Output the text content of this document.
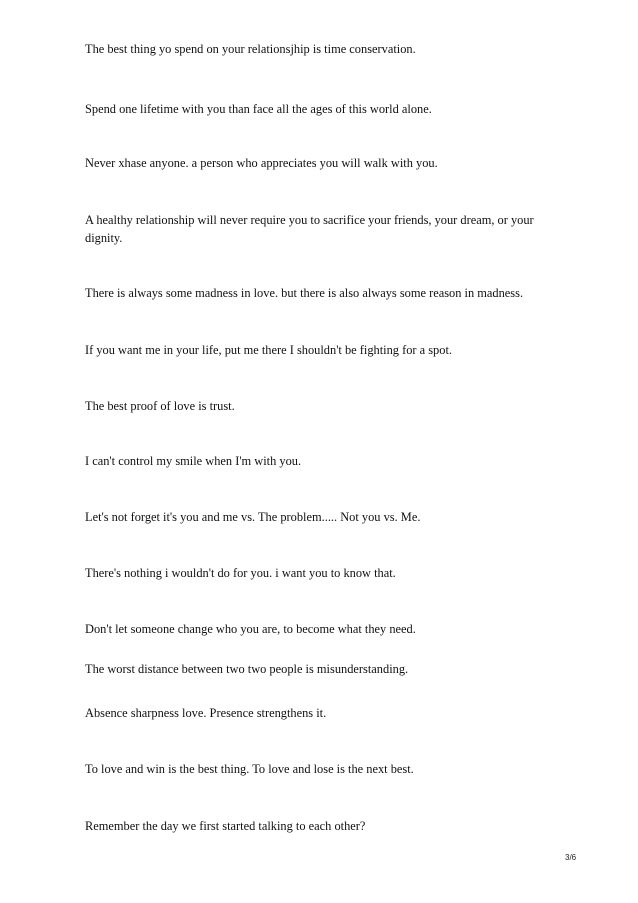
The best thing yo spend on your relationsjhip is time conservation.

Spend one lifetime with you than face all the ages of this world alone.

Never xhase anyone. a person who appreciates you will walk with you.

A healthy relationship will never require you to sacrifice your friends, your dream, or your dignity.

There is always some madness in love. but there is also always some reason in madness.

If you want me in your life, put me there I shouldn't be fighting for a spot.

The best proof of love is trust.

I can't control my smile when I'm with you.

Let's not forget it's you and me vs. The problem..... Not you vs. Me.

There's nothing i wouldn't do for you. i want you to know that.

Don't let someone change who you are, to become what they need.

The worst distance between two two people is misunderstanding.

Absence sharpness love. Presence strengthens it.

To love and win is the best thing. To love and lose is the next best.

Remember the day we first started talking to each other?

3/6
